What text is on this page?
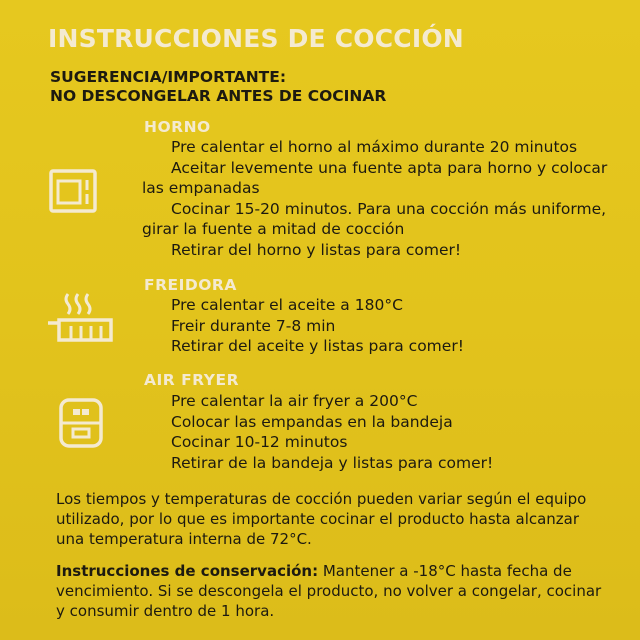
INSTRUCCIONES DE COCCIÓN
SUGERENCIA/IMPORTANTE:
NO DESCONGELAR ANTES DE COCINAR
HORNO
Pre calentar el horno al máximo durante 20 minutos
Aceitar levemente una fuente apta para horno y colocar
las empanadas
Cocinar 15-20 minutos. Para una cocción más uniforme,
girar la fuente a mitad de cocción
Retirar del horno y listas para comer!
FREIDORA
Pre calentar el aceite a 180°C
Freir durante 7-8 min
Retirar del aceite y listas para comer!
AIR FRYER
Pre calentar la air fryer a 200°C
Colocar las empandas en la bandeja
Cocinar 10-12 minutos
Retirar de la bandeja y listas para comer!
Los tiempos y temperaturas de cocción pueden variar según el equipo
utilizado, por lo que es importante cocinar el producto hasta alcanzar
una temperatura interna de 72°C.
Instrucciones de conservación: Mantener a -18°C hasta fecha de
vencimiento. Si se descongela el producto, no volver a congelar, cocinar
y consumir dentro de 1 hora.
